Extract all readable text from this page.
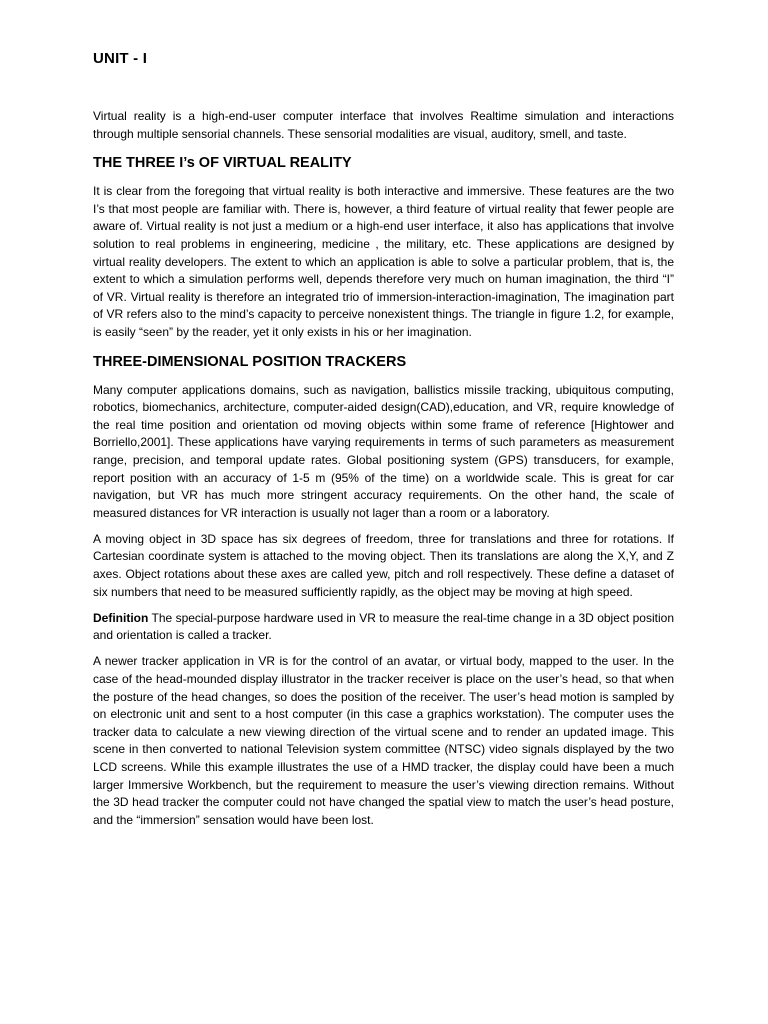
UNIT - I

Virtual reality is a high-end-user computer interface that involves Realtime simulation and interactions through multiple sensorial channels. These sensorial modalities are visual, auditory, smell, and taste.

THE THREE I’s OF VIRTUAL REALITY

It is clear from the foregoing that virtual reality is both interactive and immersive. These features are the two I’s that most people are familiar with. There is, however, a third feature of virtual reality that fewer people are aware of. Virtual reality is not just a medium or a high-end user interface, it also has applications that involve solution to real problems in engineering, medicine , the military, etc. These applications are designed by virtual reality developers. The extent to which an application is able to solve a particular problem, that is, the extent to which a simulation performs well, depends therefore very much on human imagination, the third “I” of VR. Virtual reality is therefore an integrated trio of immersion-interaction-imagination, The imagination part of VR refers also to the mind’s capacity to perceive nonexistent things. The triangle in figure 1.2, for example, is easily “seen” by the reader, yet it only exists in his or her imagination.

THREE-DIMENSIONAL POSITION TRACKERS

Many computer applications domains, such as navigation, ballistics missile tracking, ubiquitous computing, robotics, biomechanics, architecture, computer-aided design(CAD),education, and VR, require knowledge of the real time position and orientation od moving objects within some frame of reference [Hightower and Borriello,2001]. These applications have varying requirements in terms of such parameters as measurement range, precision, and temporal update rates. Global positioning system (GPS) transducers, for example, report position with an accuracy of 1-5 m (95% of the time) on a worldwide scale. This is great for car navigation, but VR has much more stringent accuracy requirements. On the other hand, the scale of measured distances for VR interaction is usually not lager than a room or a laboratory.

A moving object in 3D space has six degrees of freedom, three for translations and three for rotations. If Cartesian coordinate system is attached to the moving object. Then its translations are along the X,Y, and Z axes. Object rotations about these axes are called yew, pitch and roll respectively. These define a dataset of six numbers that need to be measured sufficiently rapidly, as the object may be moving at high speed.

Definition The special-purpose hardware used in VR to measure the real-time change in a 3D object position and orientation is called a tracker.

A newer tracker application in VR is for the control of an avatar, or virtual body, mapped to the user. In the case of the head-mounded display illustrator in the tracker receiver is place on the user’s head, so that when the posture of the head changes, so does the position of the receiver. The user’s head motion is sampled by on electronic unit and sent to a host computer (in this case a graphics workstation). The computer uses the tracker data to calculate a new viewing direction of the virtual scene and to render an updated image. This scene in then converted to national Television system committee (NTSC) video signals displayed by the two LCD screens. While this example illustrates the use of a HMD tracker, the display could have been a much larger Immersive Workbench, but the requirement to measure the user’s viewing direction remains. Without the 3D head tracker the computer could not have changed the spatial view to match the user’s head posture, and the “immersion” sensation would have been lost.
